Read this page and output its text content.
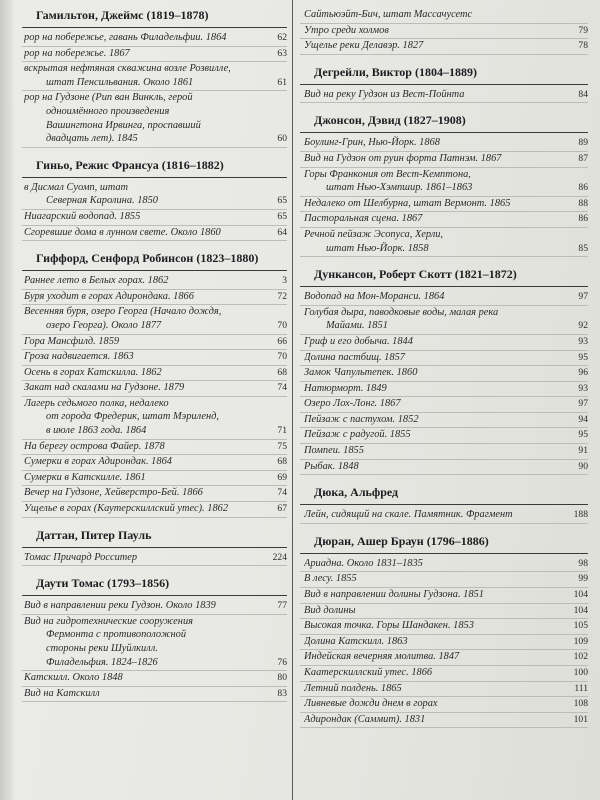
Гамильтон, Джеймс (1819–1878)
рор на побережье, гавань Филадельфии. 1864	62
рор на побережье. 1867	63
вскрытая нефтяная скважина возле Розвилле,
штат Пенсильвания. Около 1861	61
рор на Гудзоне (Рип ван Винкль, герой
одноимённого произведения
Вашингтона Ирвинга, проспавший
двадцать лет). 1845	60
Гиньо, Режис Франсуа (1816–1882)
в Дисмал Суомп, штат
Северная Каролина. 1850	65
Ниагарский водопад. 1855	65
Сгоревшие дома в лунном свете. Около 1860	64
Гиффорд, Сенфорд Робинсон (1823–1880)
Раннее лето в Белых горах. 1862	3
Буря уходит в горах Адирондака. 1866	72
Весенняя буря, озеро Георга (Начало дождя,
озеро Георга). Около 1877	70
Гора Мансфилд. 1859	66
Гроза надвигается. 1863	70
Осень в горах Катскилла. 1862	68
Закат над скалами на Гудзоне. 1879	74
Лагерь седьмого полка, недалеко
от города Фредерик, штат Мэриленд,
в июле 1863 года. 1864	71
На берегу острова Файер. 1878	75
Сумерки в горах Адирондак. 1864	68
Сумерки в Катскилле. 1861	69
Вечер на Гудзоне, Хейверстро-Бей. 1866	74
Ущелье в горах (Каутерскиллский утес). 1862	67
Даттан, Питер Пауль
Томас Причард Росситер	224
Даути Томас (1793–1856)
Вид в направлении реки Гудзон. Около 1839	77
Вид на гидротехнические сооружения
Фермонта с противоположной
стороны реки Шуйлкилл.
Филадельфия. 1824–1826	76
Катскилл. Около 1848	80
Вид на Катскилл	83
Сайтьюэйт-Бич, штат Массачусетс
Утро среди холмов	79
Ущелье реки Делавэр. 1827	78
Дегрейли, Виктор (1804–1889)
Вид на реку Гудзон из Вест-Пойнта	84
Джонсон, Дэвид (1827–1908)
Боулинг-Грин, Нью-Йорк. 1868	89
Вид на Гудзон от руин форта Патнэм. 1867	87
Горы Франкония от Вест-Кемптона,
штат Нью-Хэмпшир. 1861–1863	86
Недалеко от Шелбурна, штат Вермонт. 1865	88
Пасторальная сцена. 1867	86
Речной пейзаж Эсопуса, Херли,
штат Нью-Йорк. 1858	85
Дункансон, Роберт Скотт (1821–1872)
Водопад на Мон-Моранси. 1864	97
Голубая дыра, паводковые воды, малая река
Майами. 1851	92
Гриф и его добыча. 1844	93
Долина пастбищ. 1857	95
Замок Чапультепек. 1860	96
Натюрморт. 1849	93
Озеро Лох-Лонг. 1867	97
Пейзаж с пастухом. 1852	94
Пейзаж с радугой. 1855	95
Помпеи. 1855	91
Рыбак. 1848	90
Дюка, Альфред
Лейн, сидящий на скале. Памятник. Фрагмент	188
Дюран, Ашер Браун (1796–1886)
Ариадна. Около 1831–1835	98
В лесу. 1855	99
Вид в направлении долины Гудзона. 1851	104
Вид долины	104
Высокая точка. Горы Шандакен. 1853	105
Долина Катскилл. 1863	109
Индейская вечерняя молитва. 1847	102
Каатерскиллский утес. 1866	100
Летний полдень. 1865	111
Ливневые дожди днем в горах	108
Адирондак (Саммит). 1831	101
